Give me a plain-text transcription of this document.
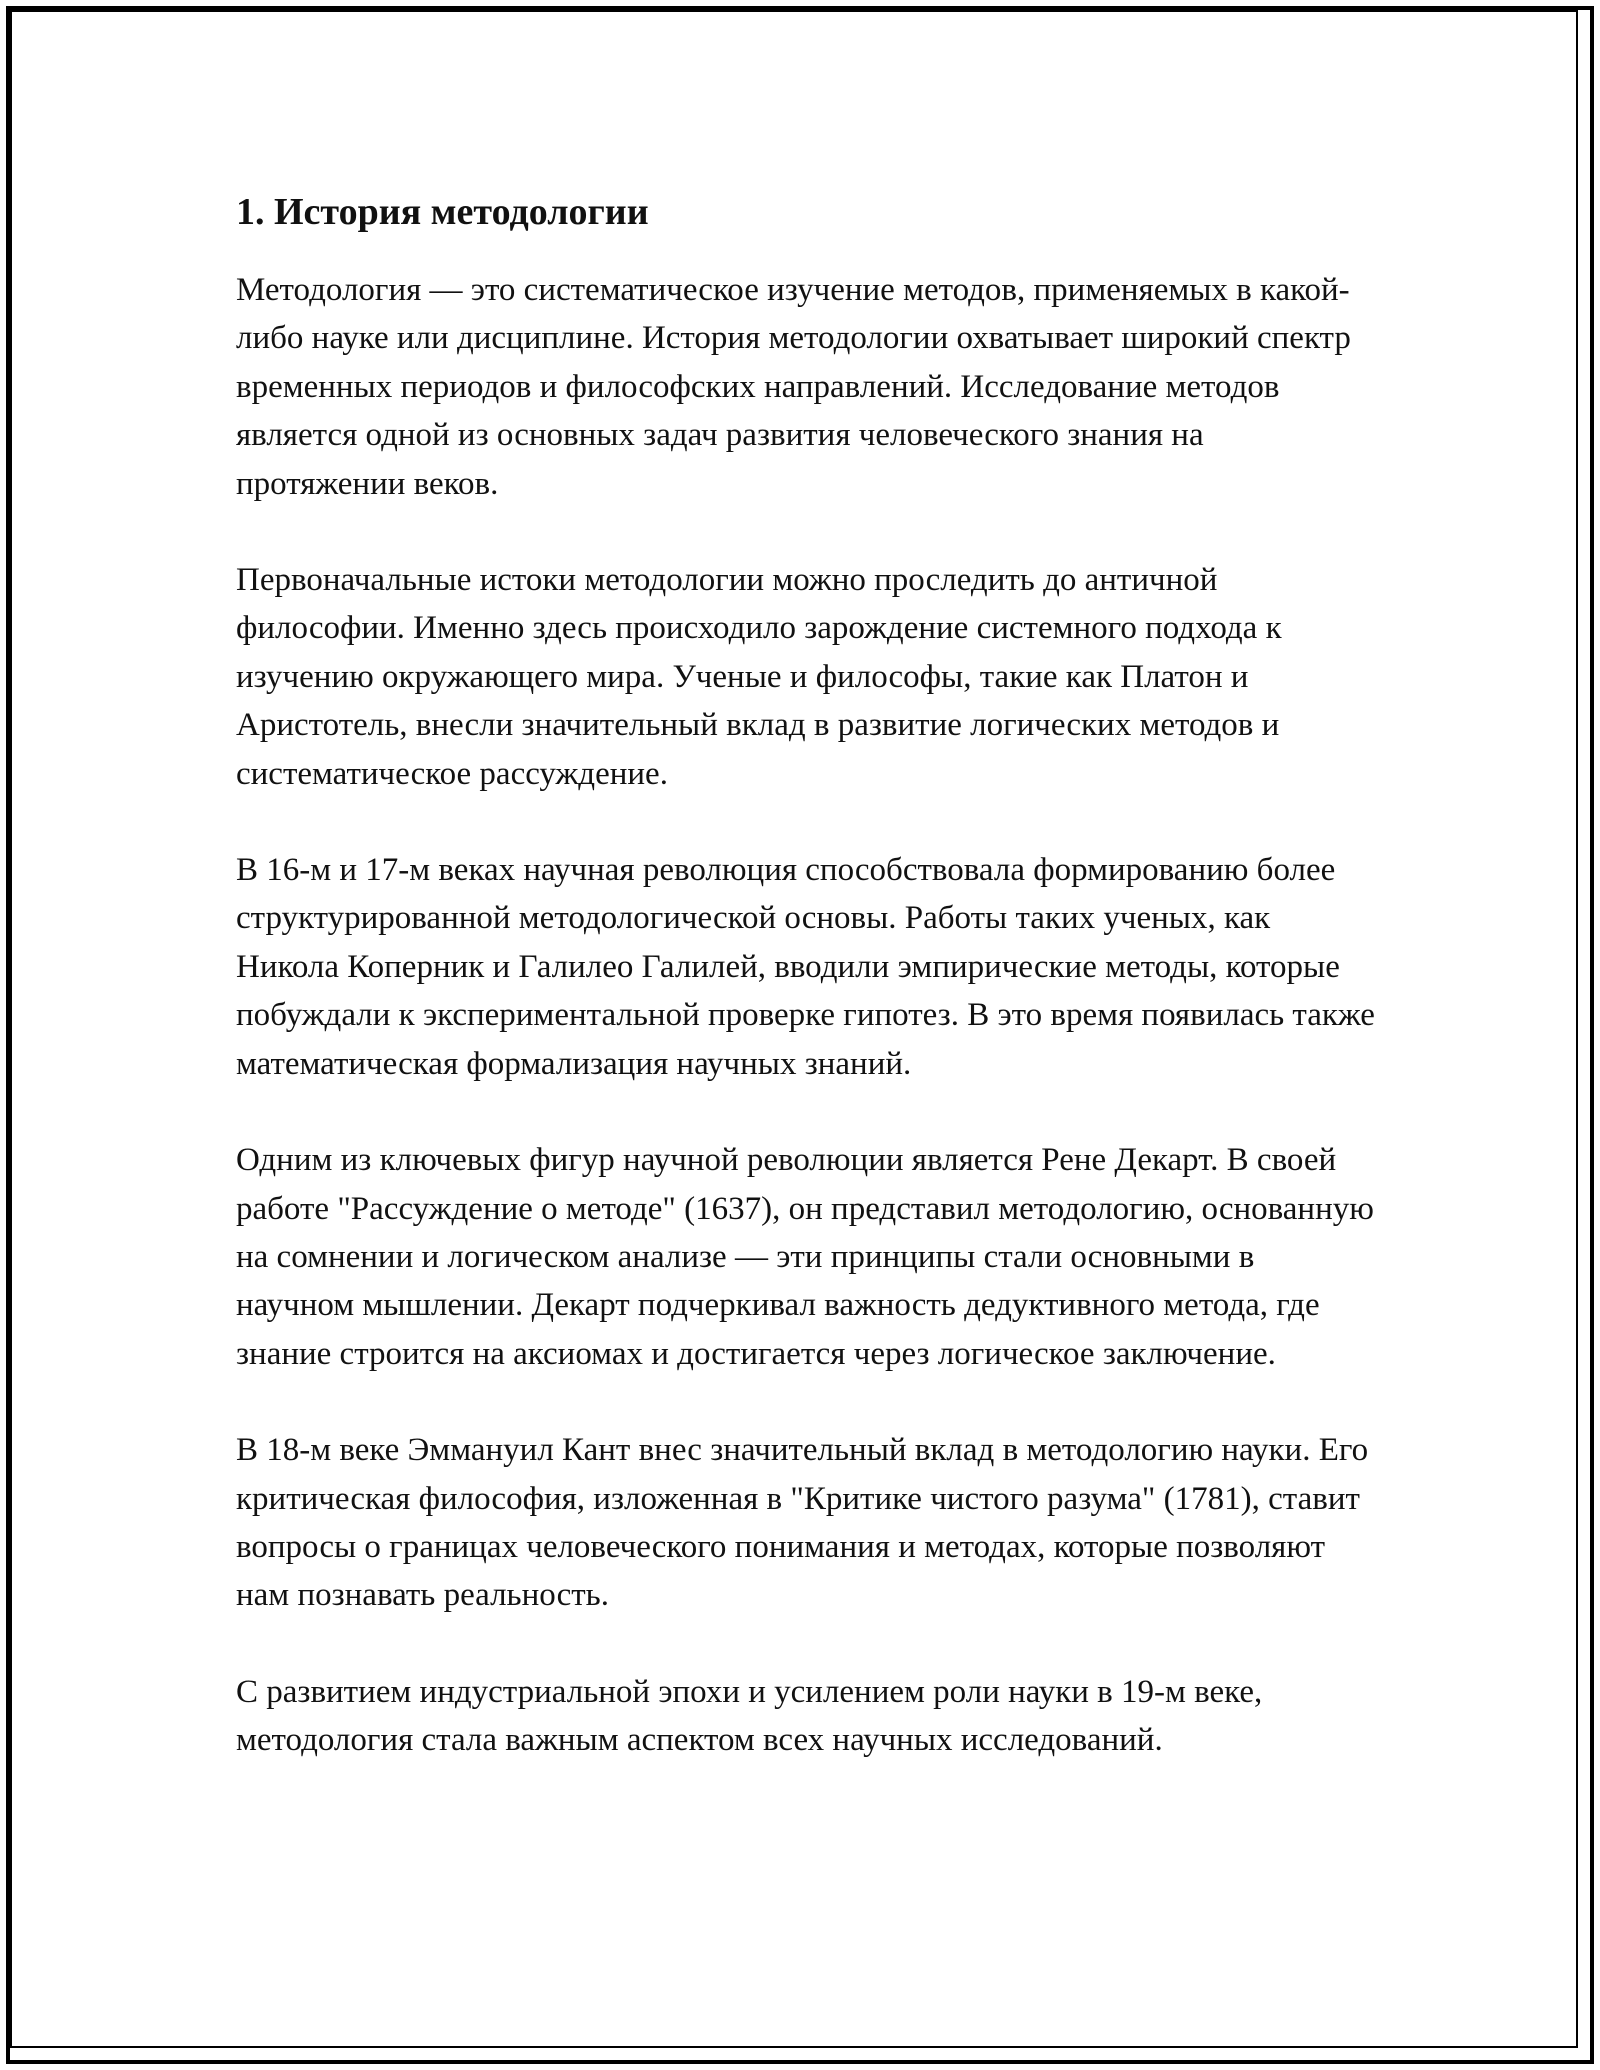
1. История методологии

Методология — это систематическое изучение методов, применяемых в какой-либо науке или дисциплине. История методологии охватывает широкий спектр временных периодов и философских направлений. Исследование методов является одной из основных задач развития человеческого знания на протяжении веков.

Первоначальные истоки методологии можно проследить до античной философии. Именно здесь происходило зарождение системного подхода к изучению окружающего мира. Ученые и философы, такие как Платон и Аристотель, внесли значительный вклад в развитие логических методов и систематическое рассуждение.

В 16-м и 17-м веках научная революция способствовала формированию более структурированной методологической основы. Работы таких ученых, как Никола Коперник и Галилео Галилей, вводили эмпирические методы, которые побуждали к экспериментальной проверке гипотез. В это время появилась также математическая формализация научных знаний.

Одним из ключевых фигур научной революции является Рене Декарт. В своей работе "Рассуждение о методе" (1637), он представил методологию, основанную на сомнении и логическом анализе — эти принципы стали основными в научном мышлении. Декарт подчеркивал важность дедуктивного метода, где знание строится на аксиомах и достигается через логическое заключение.

В 18-м веке Эммануил Кант внес значительный вклад в методологию науки. Его критическая философия, изложенная в "Критике чистого разума" (1781), ставит вопросы о границах человеческого понимания и методах, которые позволяют нам познавать реальность.

С развитием индустриальной эпохи и усилением роли науки в 19-м веке, методология стала важным аспектом всех научных исследований.
